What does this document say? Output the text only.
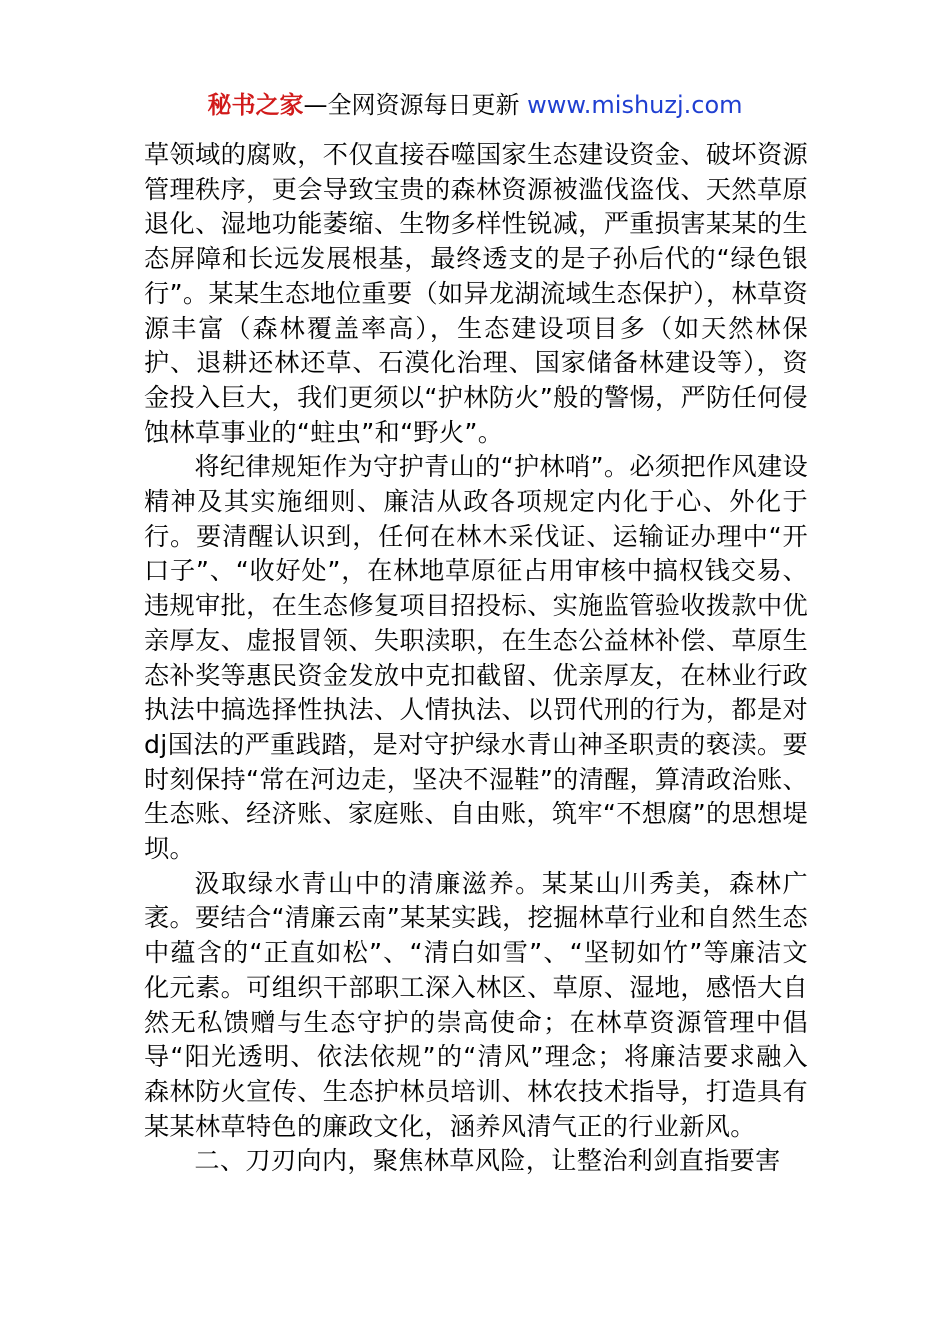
秘书之家—全网资源每日更新 www.mishuzj.com

草领域的腐败，不仅直接吞噬国家生态建设资金、破坏资源管理秩序，更会导致宝贵的森林资源被滥伐盗伐、天然草原退化、湿地功能萎缩、生物多样性锐减，严重损害某某的生态屏障和长远发展根基，最终透支的是子孙后代的“绿色银行”。某某生态地位重要（如异龙湖流域生态保护），林草资源丰富（森林覆盖率高），生态建设项目多（如天然林保护、退耕还林还草、石漠化治理、国家储备林建设等），资金投入巨大，我们更须以“护林防火”般的警惕，严防任何侵蚀林草事业的“蛀虫”和“野火”。

将纪律规矩作为守护青山的“护林哨”。必须把作风建设精神及其实施细则、廉洁从政各项规定内化于心、外化于行。要清醒认识到，任何在林木采伐证、运输证办理中“开口子”、“收好处”，在林地草原征占用审核中搞权钱交易、违规审批，在生态修复项目招投标、实施监管验收拨款中优亲厚友、虚报冒领、失职渎职，在生态公益林补偿、草原生态补奖等惠民资金发放中克扣截留、优亲厚友，在林业行政执法中搞选择性执法、人情执法、以罚代刑的行为，都是对dj国法的严重践踏，是对守护绿水青山神圣职责的亵渎。要时刻保持“常在河边走，坚决不湿鞋”的清醒，算清政治账、生态账、经济账、家庭账、自由账，筑牢“不想腐”的思想堤坝。

汲取绿水青山中的清廉滋养。某某山川秀美，森林广袤。要结合“清廉云南”某某实践，挖掘林草行业和自然生态中蕴含的“正直如松”、“清白如雪”、“坚韧如竹”等廉洁文化元素。可组织干部职工深入林区、草原、湿地，感悟大自然无私馈赠与生态守护的崇高使命；在林草资源管理中倡导“阳光透明、依法依规”的“清风”理念；将廉洁要求融入森林防火宣传、生态护林员培训、林农技术指导，打造具有某某林草特色的廉政文化，涵养风清气正的行业新风。

二、刀刃向内，聚焦林草风险，让整治利剑直指要害
